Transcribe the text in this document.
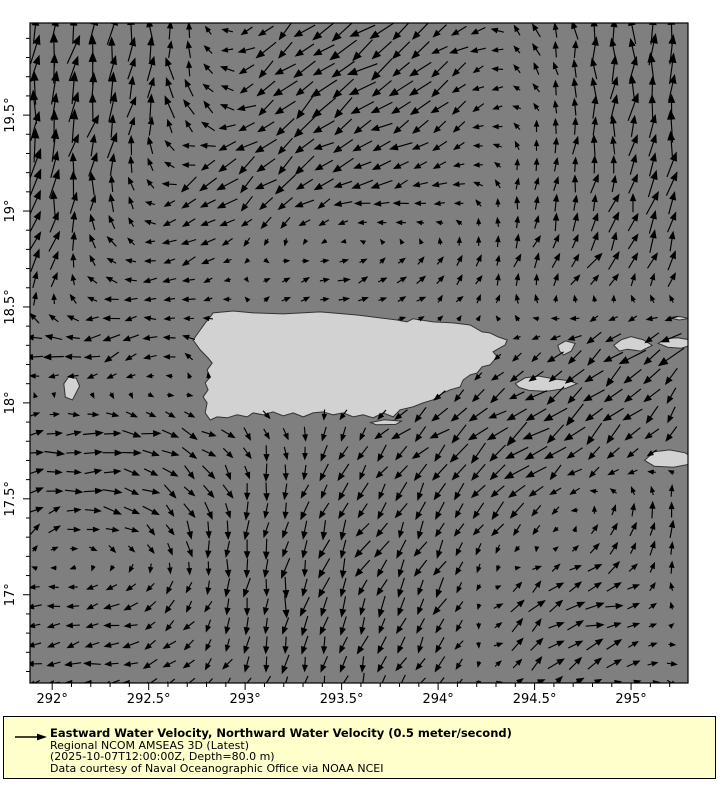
292°	292.5°	293°	293.5°	294°	294.5°	295°
17°
17.5°
18°
18.5°
19°
19.5°
Eastward Water Velocity, Northward Water Velocity (0.5 meter/second)
Regional NCOM AMSEAS 3D (Latest)
(2025-10-07T12:00:00Z, Depth=80.0 m)
Data courtesy of Naval Oceanographic Office via NOAA NCEI
